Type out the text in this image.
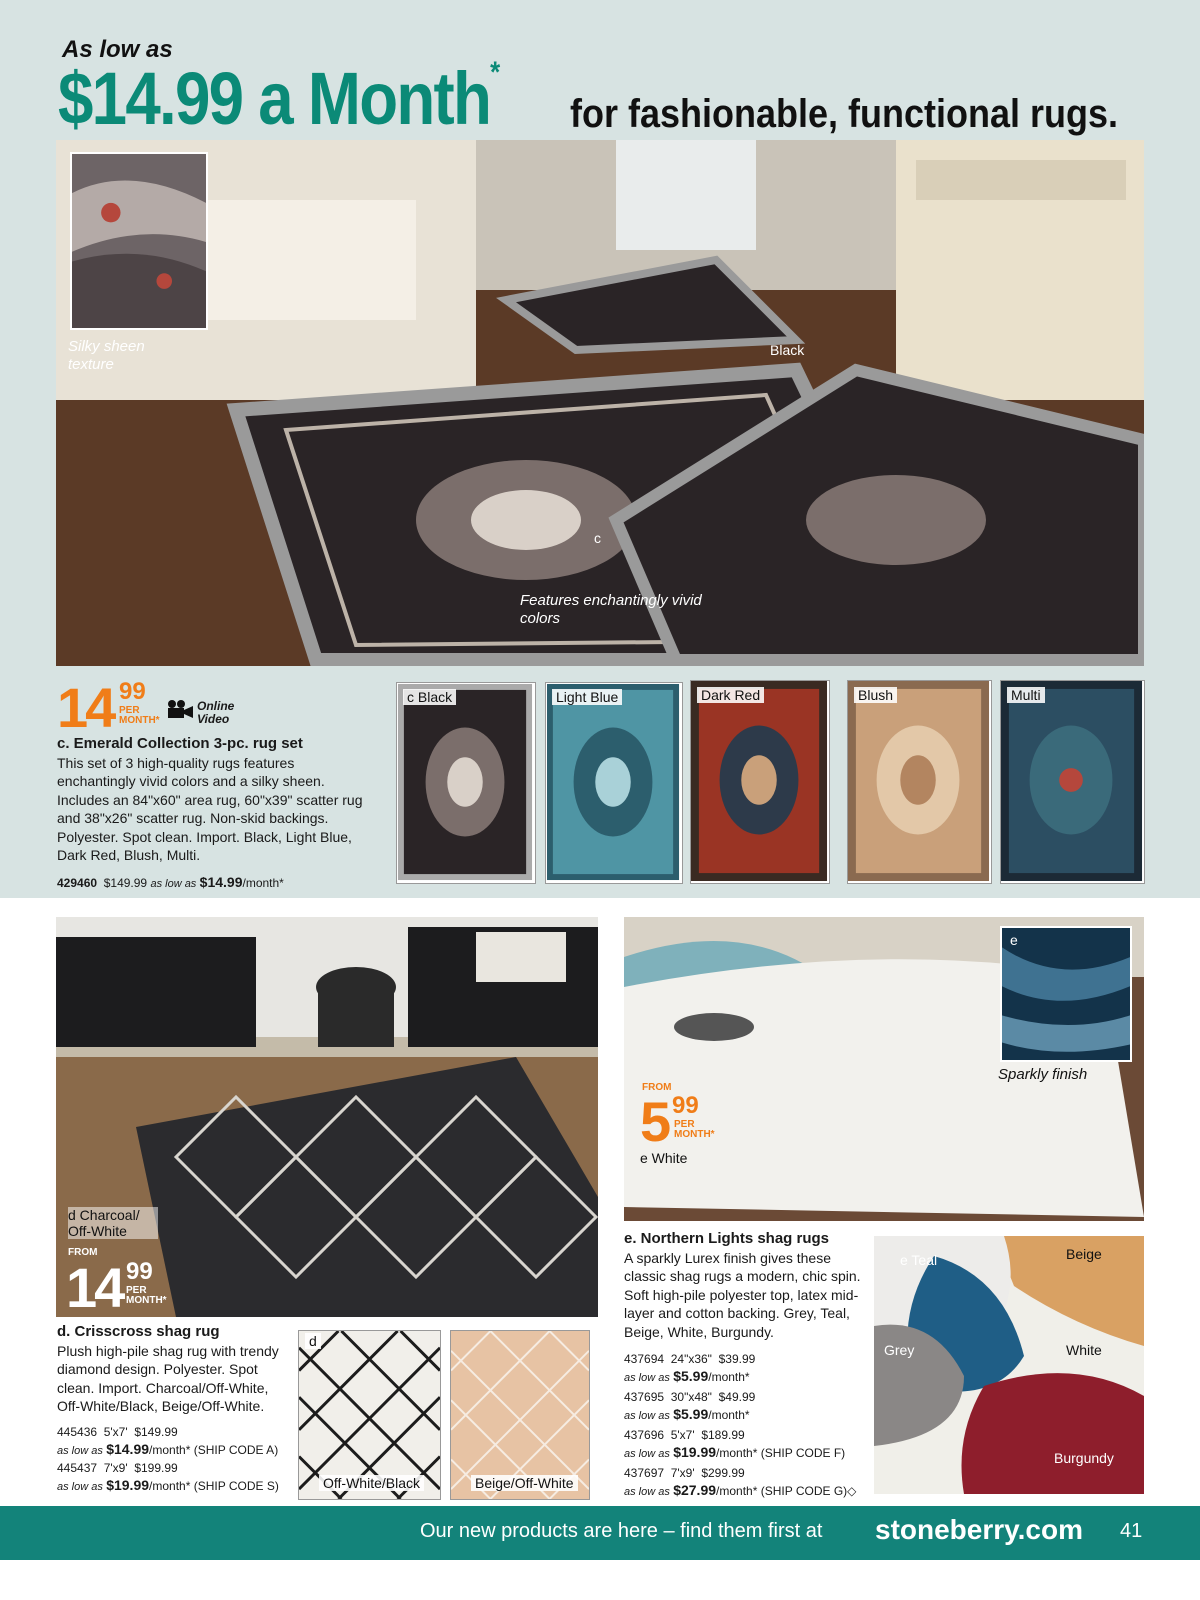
As low as
$14.99 a Month*
for fashionable, functional rugs.
Silky sheen texture
Black
c
Features enchantingly vivid colors
14 99
PER MONTH*
Online Video
c. Emerald Collection 3-pc. rug set
This set of 3 high-quality rugs features enchantingly vivid colors and a silky sheen. Includes an 84"x60" area rug, 60"x39" scatter rug and 38"x26" scatter rug. Non-skid backings. Polyester. Spot clean. Import. Black, Light Blue, Dark Red, Blush, Multi.
429460 $149.99 as low as $14.99/month*
c Black	Light Blue	Dark Red	Blush	Multi
d Charcoal/ Off-White
FROM
14 99
PER MONTH*
d. Crisscross shag rug
Plush high-pile shag rug with trendy diamond design. Polyester. Spot clean. Import. Charcoal/Off-White, Off-White/Black, Beige/Off-White.
445436 5'x7' $149.99
as low as $14.99/month* (SHIP CODE A)
445437 7'x9' $199.99
as low as $19.99/month* (SHIP CODE S)
d
Off-White/Black	Beige/Off-White
e
Sparkly finish
FROM
5 99
PER MONTH*
e White
e. Northern Lights shag rugs
A sparkly Lurex finish gives these classic shag rugs a modern, chic spin. Soft high-pile polyester top, latex mid-layer and cotton backing. Grey, Teal, Beige, White, Burgundy.
437694 24"x36" $39.99
as low as $5.99/month*
437695 30"x48" $49.99
as low as $5.99/month*
437696 5'x7' $189.99
as low as $19.99/month* (SHIP CODE F)
437697 7'x9' $299.99
as low as $27.99/month* (SHIP CODE G)◇
e Teal	Beige
Grey	White
Burgundy
Our new products are here – find them first at stoneberry.com 41
